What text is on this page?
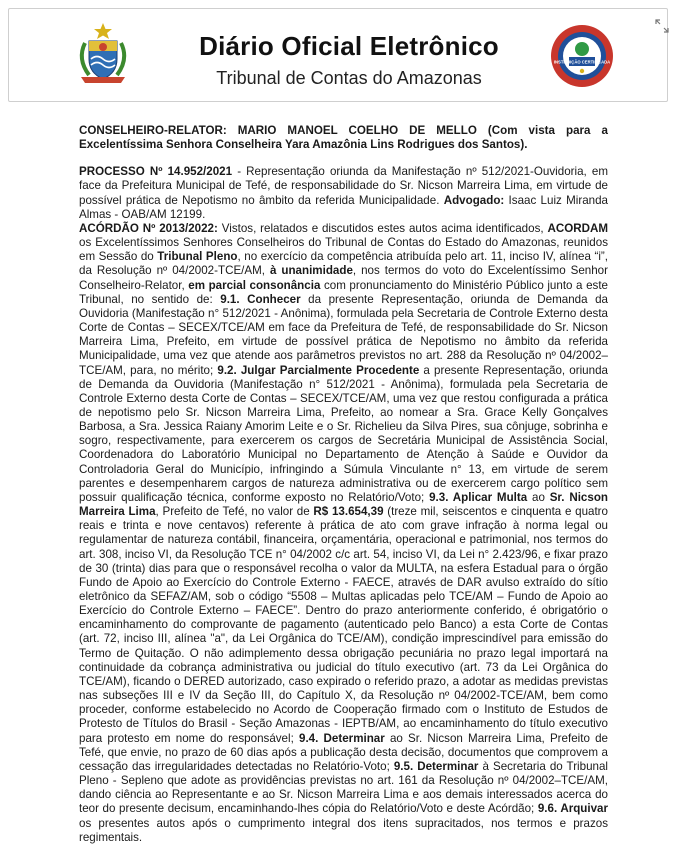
Diário Oficial Eletrônico
Tribunal de Contas do Amazonas
INSTITUIÇÃO CERTIFICADA

CONSELHEIRO-RELATOR: MARIO MANOEL COELHO DE MELLO (Com vista para a Excelentíssima Senhora Conselheira Yara Amazônia Lins Rodrigues dos Santos).

PROCESSO Nº 14.952/2021 - Representação oriunda da Manifestação nº 512/2021-Ouvidoria, em face da Prefeitura Municipal de Tefé, de responsabilidade do Sr. Nicson Marreira Lima, em virtude de possível prática de Nepotismo no âmbito da referida Municipalidade. Advogado: Isaac Luiz Miranda Almas - OAB/AM 12199.

ACÓRDÃO Nº 2013/2022: Vistos, relatados e discutidos estes autos acima identificados, ACORDAM os Excelentíssimos Senhores Conselheiros do Tribunal de Contas do Estado do Amazonas, reunidos em Sessão do Tribunal Pleno, no exercício da competência atribuída pelo art. 11, inciso IV, alínea “i”, da Resolução nº 04/2002-TCE/AM, à unanimidade, nos termos do voto do Excelentíssimo Senhor Conselheiro-Relator, em parcial consonância com pronunciamento do Ministério Público junto a este Tribunal, no sentido de: 9.1. Conhecer da presente Representação, oriunda de Demanda da Ouvidoria (Manifestação n° 512/2021 - Anônima), formulada pela Secretaria de Controle Externo desta Corte de Contas – SECEX/TCE/AM em face da Prefeitura de Tefé, de responsabilidade do Sr. Nicson Marreira Lima, Prefeito, em virtude de possível prática de Nepotismo no âmbito da referida Municipalidade, uma vez que atende aos parâmetros previstos no art. 288 da Resolução nº 04/2002–TCE/AM, para, no mérito; 9.2. Julgar Parcialmente Procedente a presente Representação, oriunda de Demanda da Ouvidoria (Manifestação n° 512/2021 - Anônima), formulada pela Secretaria de Controle Externo desta Corte de Contas – SECEX/TCE/AM, uma vez que restou configurada a prática de nepotismo pelo Sr. Nicson Marreira Lima, Prefeito, ao nomear a Sra. Grace Kelly Gonçalves Barbosa, a Sra. Jessica Raiany Amorim Leite e o Sr. Richelieu da Silva Pires, sua cônjuge, sobrinha e sogro, respectivamente, para exercerem os cargos de Secretária Municipal de Assistência Social, Coordenadora do Laboratório Municipal no Departamento de Atenção à Saúde e Ouvidor da Controladoria Geral do Município, infringindo a Súmula Vinculante n° 13, em virtude de serem parentes e desempenharem cargos de natureza administrativa ou de exercerem cargo político sem possuir qualificação técnica, conforme exposto no Relatório/Voto; 9.3. Aplicar Multa ao Sr. Nicson Marreira Lima, Prefeito de Tefé, no valor de R$ 13.654,39 (treze mil, seiscentos e cinquenta e quatro reais e trinta e nove centavos) referente à prática de ato com grave infração à norma legal ou regulamentar de natureza contábil, financeira, orçamentária, operacional e patrimonial, nos termos do art. 308, inciso VI, da Resolução TCE n° 04/2002 c/c art. 54, inciso VI, da Lei n° 2.423/96, e fixar prazo de 30 (trinta) dias para que o responsável recolha o valor da MULTA, na esfera Estadual para o órgão Fundo de Apoio ao Exercício do Controle Externo - FAECE, através de DAR avulso extraído do sítio eletrônico da SEFAZ/AM, sob o código “5508 – Multas aplicadas pelo TCE/AM – Fundo de Apoio ao Exercício do Controle Externo – FAECE”. Dentro do prazo anteriormente conferido, é obrigatório o encaminhamento do comprovante de pagamento (autenticado pelo Banco) a esta Corte de Contas (art. 72, inciso III, alínea "a", da Lei Orgânica do TCE/AM), condição imprescindível para emissão do Termo de Quitação. O não adimplemento dessa obrigação pecuniária no prazo legal importará na continuidade da cobrança administrativa ou judicial do título executivo (art. 73 da Lei Orgânica do TCE/AM), ficando o DERED autorizado, caso expirado o referido prazo, a adotar as medidas previstas nas subseções III e IV da Seção III, do Capítulo X, da Resolução nº 04/2002-TCE/AM, bem como proceder, conforme estabelecido no Acordo de Cooperação firmado com o Instituto de Estudos de Protesto de Títulos do Brasil - Seção Amazonas - IEPTB/AM, ao encaminhamento do título executivo para protesto em nome do responsável; 9.4. Determinar ao Sr. Nicson Marreira Lima, Prefeito de Tefé, que envie, no prazo de 60 dias após a publicação desta decisão, documentos que comprovem a cessação das irregularidades detectadas no Relatório-Voto; 9.5. Determinar à Secretaria do Tribunal Pleno - Sepleno que adote as providências previstas no art. 161 da Resolução nº 04/2002–TCE/AM, dando ciência ao Representante e ao Sr. Nicson Marreira Lima e aos demais interessados acerca do teor do presente decisum, encaminhando-lhes cópia do Relatório/Voto e deste Acórdão; 9.6. Arquivar os presentes autos após o cumprimento integral dos itens supracitados, nos termos e prazos regimentais.
